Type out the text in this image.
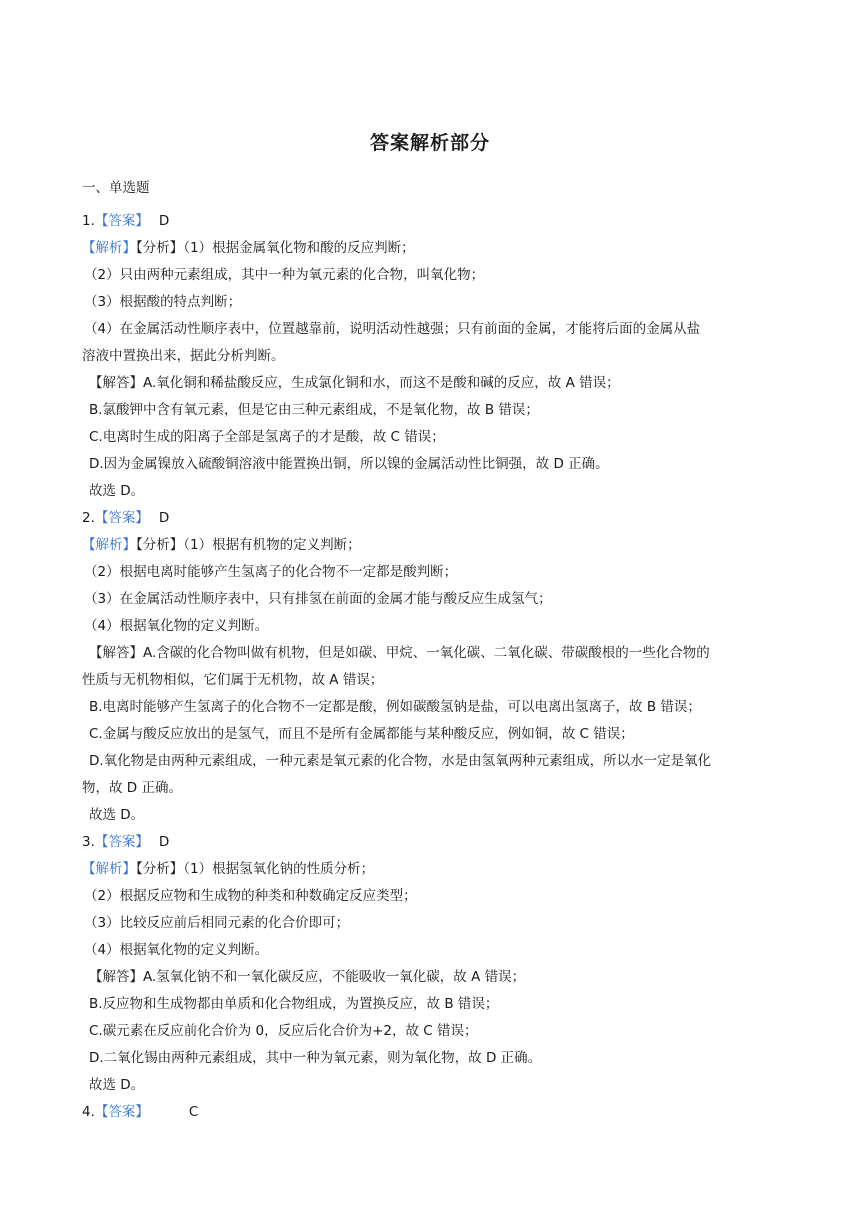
答案解析部分
一、单选题
1.【答案】 D
【解析】【分析】（1）根据金属氧化物和酸的反应判断；
（2）只由两种元素组成，其中一种为氧元素的化合物，叫氧化物；
（3）根据酸的特点判断；
（4）在金属活动性顺序表中，位置越靠前，说明活动性越强；只有前面的金属，才能将后面的金属从盐
溶液中置换出来，据此分析判断。
【解答】A.氧化铜和稀盐酸反应，生成氯化铜和水，而这不是酸和碱的反应，故 A 错误；
B.氯酸钾中含有氧元素，但是它由三种元素组成，不是氧化物，故 B 错误；
C.电离时生成的阳离子全部是氢离子的才是酸，故 C 错误；
D.因为金属镍放入硫酸铜溶液中能置换出铜，所以镍的金属活动性比铜强，故 D 正确。
故选 D。
2.【答案】 D
【解析】【分析】（1）根据有机物的定义判断；
（2）根据电离时能够产生氢离子的化合物不一定都是酸判断；
（3）在金属活动性顺序表中，只有排氢在前面的金属才能与酸反应生成氢气；
（4）根据氧化物的定义判断。
【解答】A.含碳的化合物叫做有机物，但是如碳、甲烷、一氧化碳、二氧化碳、带碳酸根的一些化合物的
性质与无机物相似，它们属于无机物，故 A 错误；
B.电离时能够产生氢离子的化合物不一定都是酸，例如碳酸氢钠是盐，可以电离出氢离子，故 B 错误；
C.金属与酸反应放出的是氢气，而且不是所有金属都能与某种酸反应，例如铜，故 C 错误；
D.氧化物是由两种元素组成，一种元素是氧元素的化合物，水是由氢氧两种元素组成，所以水一定是氧化
物，故 D 正确。
故选 D。
3.【答案】 D
【解析】【分析】（1）根据氢氧化钠的性质分析；
（2）根据反应物和生成物的种类和种数确定反应类型；
（3）比较反应前后相同元素的化合价即可；
（4）根据氧化物的定义判断。
【解答】A.氢氧化钠不和一氧化碳反应，不能吸收一氧化碳，故 A 错误；
B.反应物和生成物都由单质和化合物组成，为置换反应，故 B 错误；
C.碳元素在反应前化合价为 0，反应后化合价为+2，故 C 错误；
D.二氧化锡由两种元素组成，其中一种为氧元素，则为氧化物，故 D 正确。
故选 D。
4.【答案】	C
